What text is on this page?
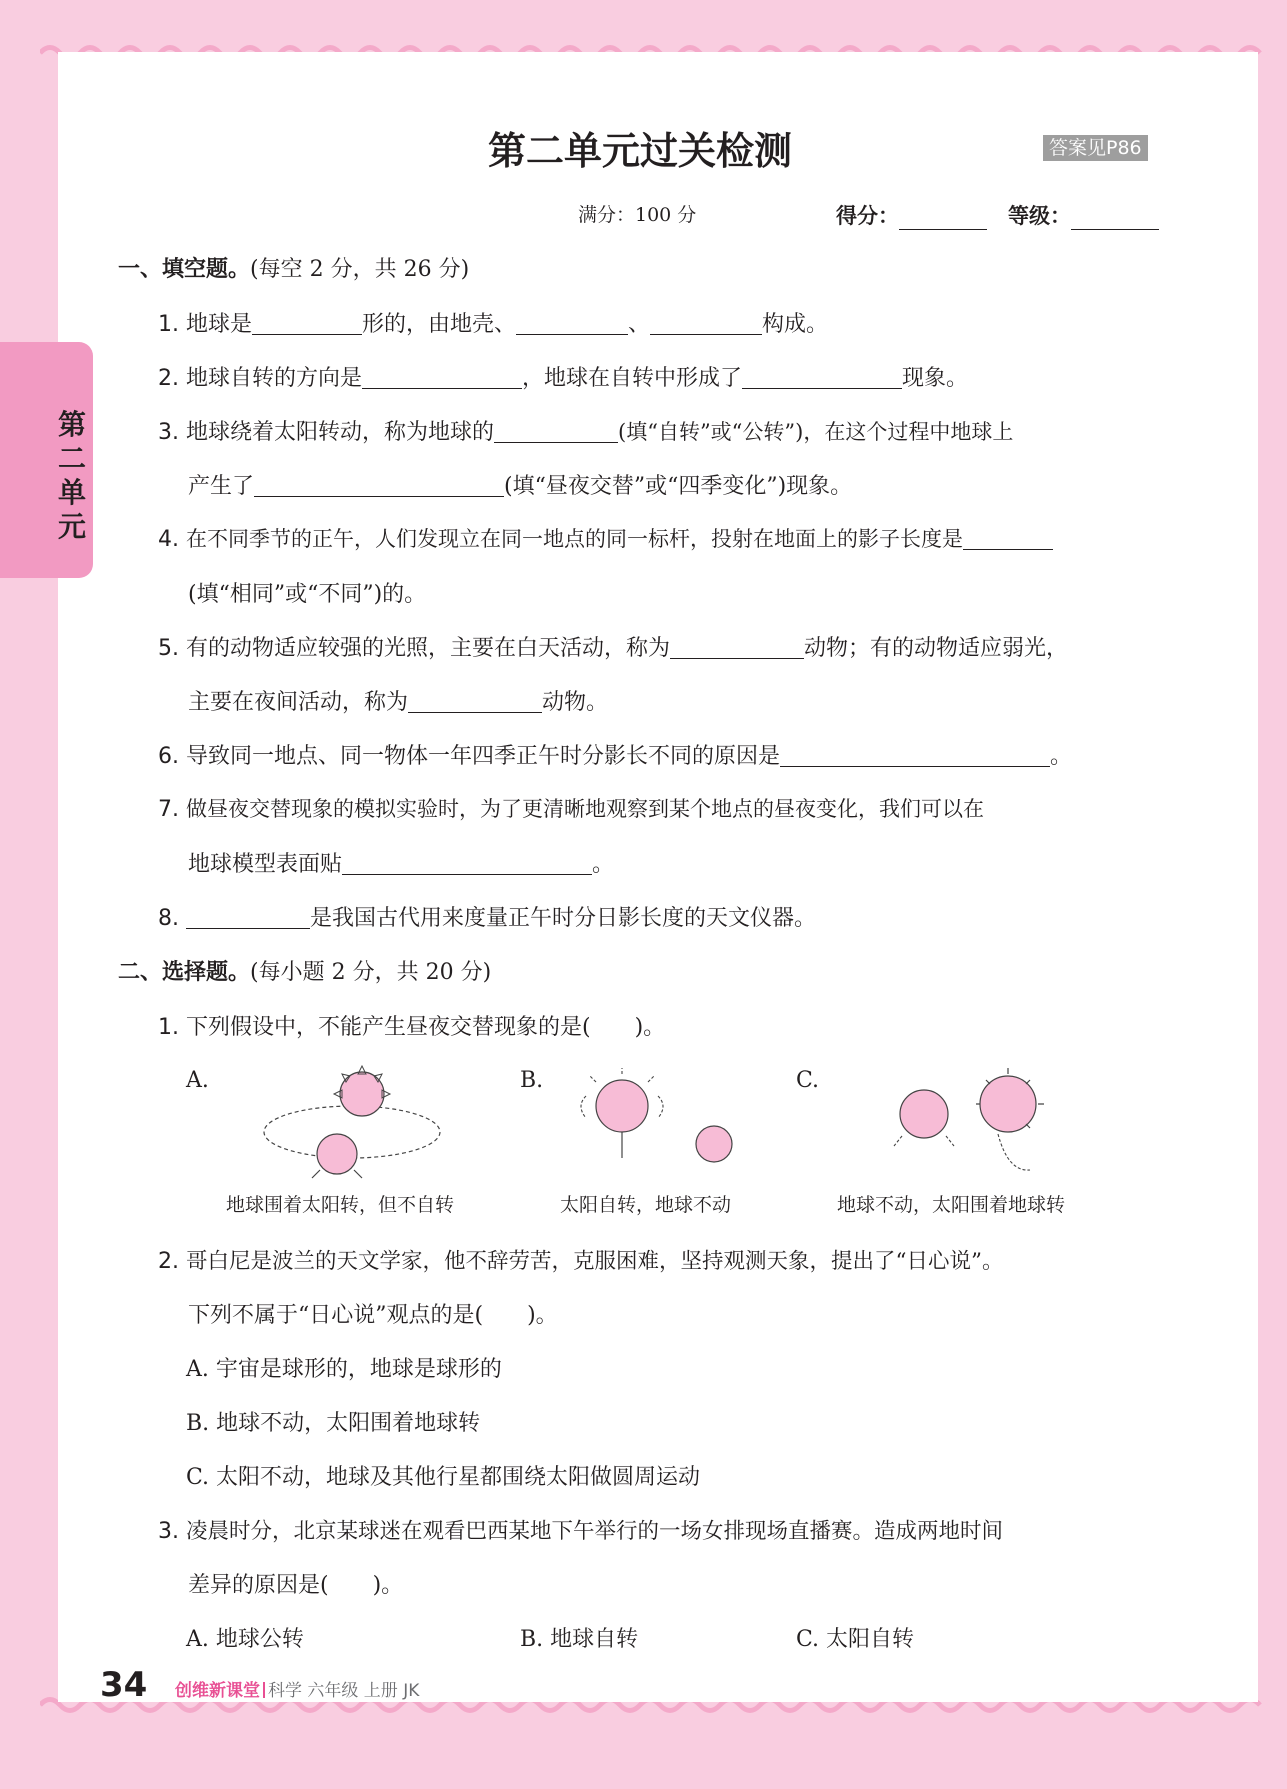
第二单元
第二单元过关检测	答案见P86
满分：100 分	得分：	等级：
一、填空题。(每空 2 分，共 26 分)
1. 地球是	形的，由地壳、	、	构成。
2. 地球自转的方向是	，地球在自转中形成了	现象。
3. 地球绕着太阳转动，称为地球的	(填“自转”或“公转”)，在这个过程中地球上
产生了	(填“昼夜交替”或“四季变化”)现象。
4. 在不同季节的正午，人们发现立在同一地点的同一标杆，投射在地面上的影子长度是
(填“相同”或“不同”)的。
5. 有的动物适应较强的光照，主要在白天活动，称为	动物；有的动物适应弱光，
主要在夜间活动，称为	动物。
6. 导致同一地点、同一物体一年四季正午时分影长不同的原因是	。
7. 做昼夜交替现象的模拟实验时，为了更清晰地观察到某个地点的昼夜变化，我们可以在
地球模型表面贴	。
8.	是我国古代用来度量正午时分日影长度的天文仪器。
二、选择题。(每小题 2 分，共 20 分)
1. 下列假设中，不能产生昼夜交替现象的是(　　)。
A.	B.	C.
地球围着太阳转，但不自转	太阳自转，地球不动	地球不动，太阳围着地球转
2. 哥白尼是波兰的天文学家，他不辞劳苦，克服困难，坚持观测天象，提出了“日心说”。
下列不属于“日心说”观点的是(　　)。
A. 宇宙是球形的，地球是球形的
B. 地球不动，太阳围着地球转
C. 太阳不动，地球及其他行星都围绕太阳做圆周运动
3. 凌晨时分，北京某球迷在观看巴西某地下午举行的一场女排现场直播赛。造成两地时间
差异的原因是(　　)。
A. 地球公转	B. 地球自转	C. 太阳自转
34 创维新课堂 科学 六年级 上册 JK
